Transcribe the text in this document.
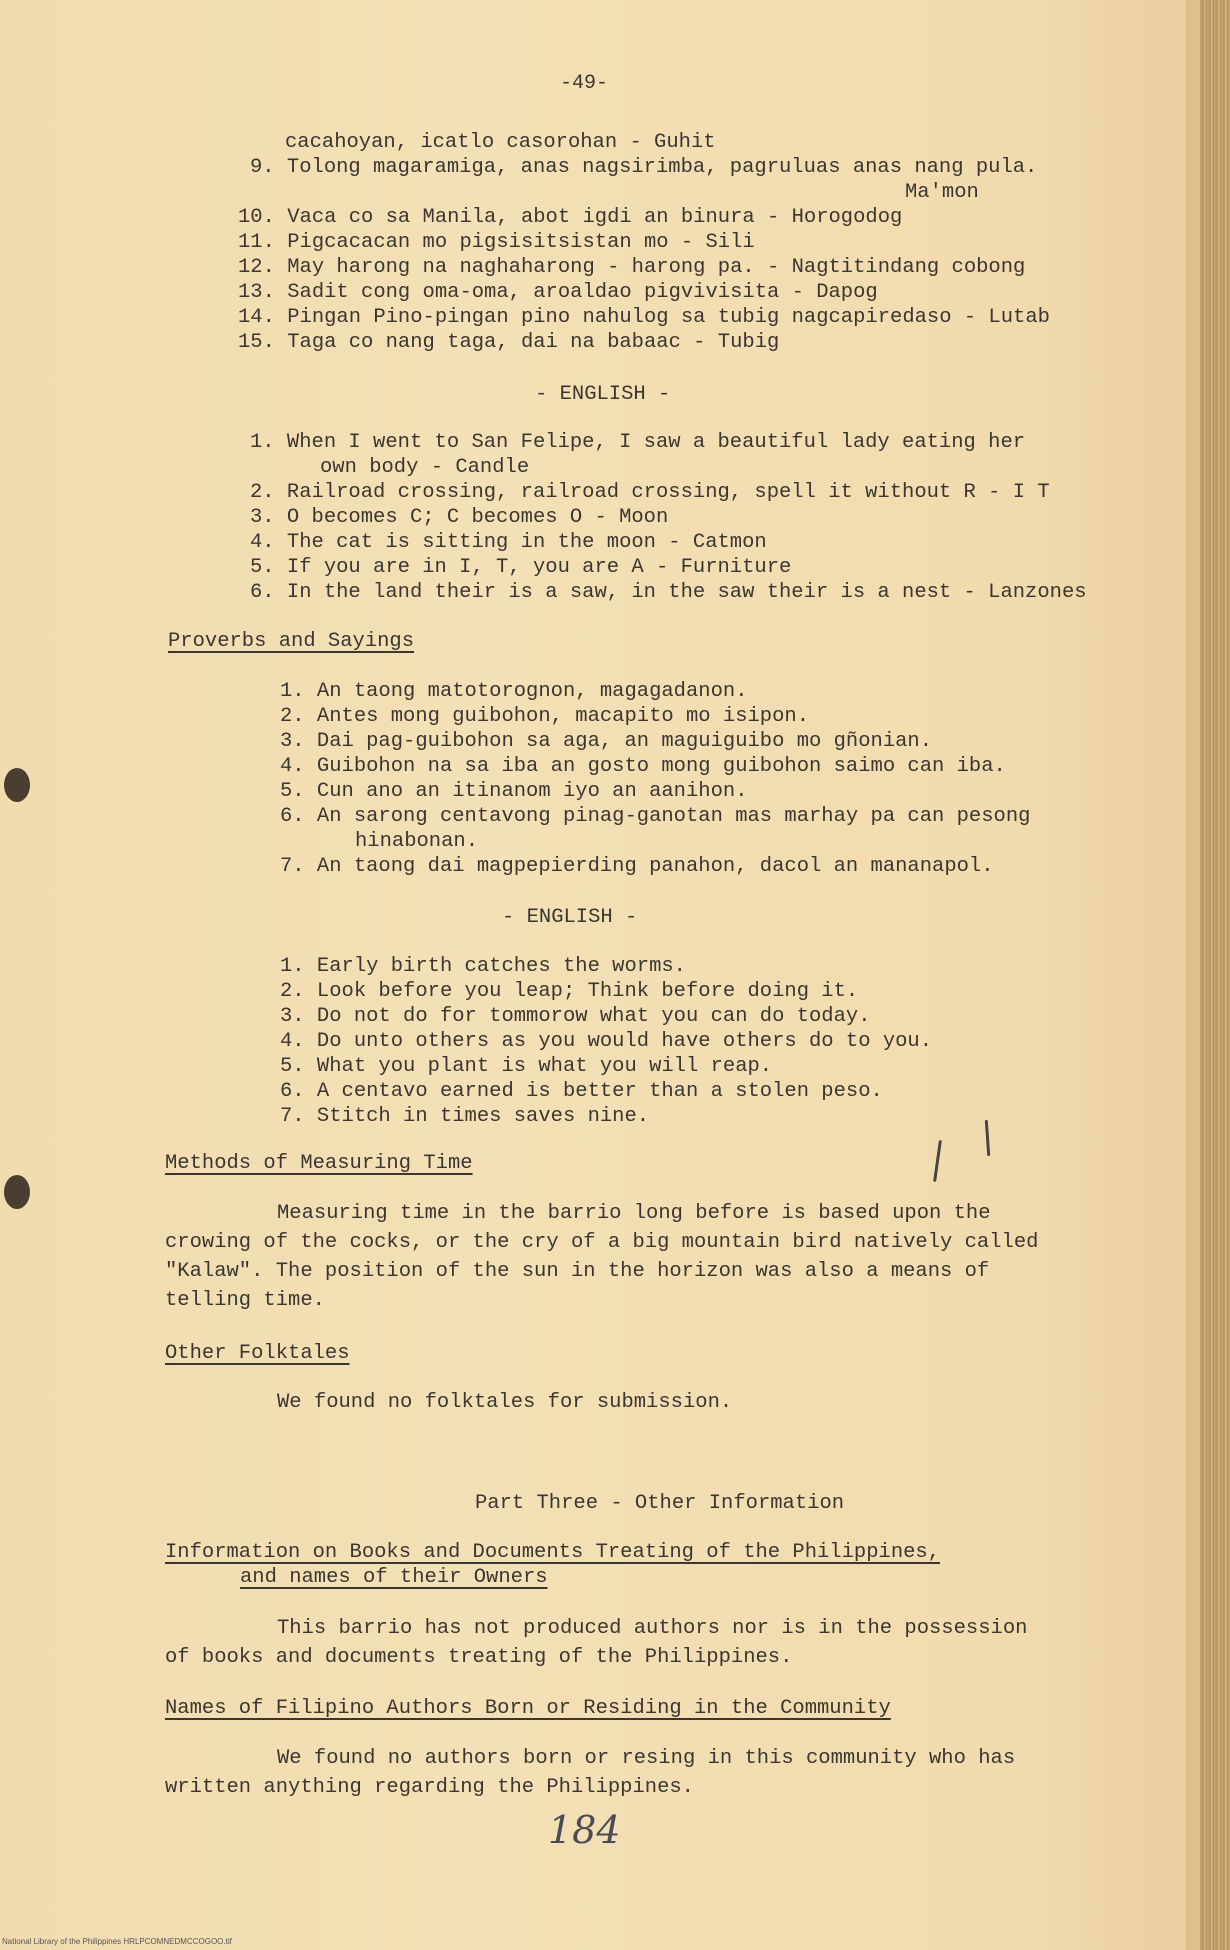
-49-
cacahoyan, icatlo casorohan - Guhit
9. Tolong magaramiga, anas nagsirimba, pagruluas anas nang pula.
Ma'mon
10. Vaca co sa Manila, abot igdi an binura - Horogodog
11. Pigcacacan mo pigsisitsistan mo - Sili
12. May harong na naghaharong - harong pa. - Nagtitindang cobong
13. Sadit cong oma-oma, aroaldao pigvivisita - Dapog
14. Pingan Pino-pingan pino nahulog sa tubig nagcapiredaso - Lutab
15. Taga co nang taga, dai na babaac - Tubig
- ENGLISH -
1. When I went to San Felipe, I saw a beautiful lady eating her
own body - Candle
2. Railroad crossing, railroad crossing, spell it without R - I T
3. O becomes C; C becomes O - Moon
4. The cat is sitting in the moon - Catmon
5. If you are in I, T, you are A - Furniture
6. In the land their is a saw, in the saw their is a nest - Lanzones
Proverbs and Sayings
1. An taong matotorognon, magagadanon.
2. Antes mong guibohon, macapito mo isipon.
3. Dai pag-guibohon sa aga, an maguiguibo mo gñonian.
4. Guibohon na sa iba an gosto mong guibohon saimo can iba.
5. Cun ano an itinanom iyo an aanihon.
6. An sarong centavong pinag-ganotan mas marhay pa can pesong
hinabonan.
7. An taong dai magpepierding panahon, dacol an mananapol.
- ENGLISH -
1. Early birth catches the worms.
2. Look before you leap; Think before doing it.
3. Do not do for tommorow what you can do today.
4. Do unto others as you would have others do to you.
5. What you plant is what you will reap.
6. A centavo earned is better than a stolen peso.
7. Stitch in times saves nine.
Methods of Measuring Time
Measuring time in the barrio long before is based upon the crowing of the cocks, or the cry of a big mountain bird natively called "Kalaw". The position of the sun in the horizon was also a means of telling time.
Other Folktales
We found no folktales for submission.
Part Three - Other Information
Information on Books and Documents Treating of the Philippines,
and names of their Owners
This barrio has not produced authors nor is in the possession of books and documents treating of the Philippines.
Names of Filipino Authors Born or Residing in the Community
We found no authors born or resing in this community who has written anything regarding the Philippines.
184
National Library of the Philippines HRLPCOMNEDMCCOGOO.tif
